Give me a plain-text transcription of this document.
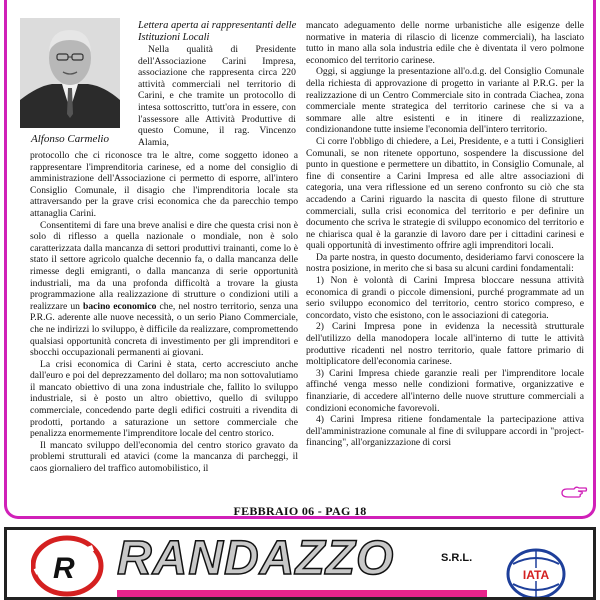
Alfonso Carmelio
Lettera aperta ai rappresentanti delle Istituzioni Locali

Nella qualità di Presidente dell'Associazione Carini Impresa, associazione che rappresenta circa 220 attività commerciali nel territorio di Carini, e che tramite un protocollo di intesa sottoscritto, tutt'ora in essere, con l'assessore alle Attività Produttive di questo Comune, il rag. Vincenzo Alamia,

protocollo che ci riconosce tra le altre, come soggetto idoneo a rappresentare l'imprenditoria carinese, ed a nome del consiglio di amministrazione dell'Associazione ci permetto di esporre, all'intero Consiglio Comunale, il disagio che l'imprenditoria locale sta attraversando per la grave crisi economica che da parecchio tempo attanaglia Carini.

Consentitemi di fare una breve analisi e dire che questa crisi non è solo di riflesso a quella nazionale o mondiale, non è solo caratterizzata dalla mancanza di settori produttivi trainanti, come lo è stato il settore agricolo qualche decennio fa, o dalla mancanza delle rimesse degli emigranti, o dalla mancanza di serie opportunità industriali, ma da una profonda difficoltà a trovare la giusta programmazione alla realizzazione di strutture o condizioni utili a realizzare un bacino economico che, nel nostro territorio, senza una P.R.G. aderente alle nuove necessità, o un serio Piano Commerciale, che ne indirizzi lo sviluppo, è difficile da realizzare, compromettendo qualsiasi opportunità concreta di investimento per gli imprenditori e sbocchi occupazionali permanenti ai giovani.

La crisi economica di Carini è stata, certo accresciuto anche dall'euro e poi del deprezzamento del dollaro; ma non sottovalutiamo il mancato obiettivo di una zona industriale che, fallito lo sviluppo industriale, si è posto un altro obiettivo, quello di sviluppo commerciale, concedendo parte degli edifici costruiti a rivendita di prodotti, portando a saturazione un settore commerciale che penalizza enormemente l'imprenditore locale del centro storico.

Il mancato sviluppo dell'economia del centro storico gravato da problemi strutturali ed atavici (come la mancanza di parcheggi, il caos giornaliero del traffico automobilistico, il

mancato adeguamento delle norme urbanistiche alle esigenze delle normative in materia di rilascio di licenze commerciali), ha lasciato tutto in mano alla sola industria edile che è diventata il vero polmone economico del territorio carinese.

Oggi, si aggiunge la presentazione all'o.d.g. del Consiglio Comunale della richiesta di approvazione di progetto in variante al P.R.G. per la realizzazione di un Centro Commerciale sito in contrada Ciachea, zona commerciale mente strategica del territorio carinese che si va a sommare alle altre esistenti e in itinere di realizzazione, condizionandone tutte insieme l'economia dell'intero territorio.

Ci corre l'obbligo di chiedere, a Lei, Presidente, e a tutti i Consiglieri Comunali, se non ritenete opportuno, sospendere la discussione del punto in questione e permettere un dibattito, in Consiglio Comunale, al fine di consentire a Carini Impresa ed alle altre associazioni di categoria, una vera riflessione ed un sereno confronto su ciò che sta accadendo a Carini riguardo la nascita di questo filone di strutture commerciali, sulla crisi economica del territorio e per definire un documento che scriva le strategie di sviluppo economico del territorio e ne chiarisca qual è la garanzie di lavoro dare per i cittadini carinesi e quali opportunità di investimento offrire agli imprenditori locali.

Da parte nostra, in questo documento, desideriamo farvi conoscere la nostra posizione, in merito che si basa su alcuni cardini fondamentali:

1) Non è volontà di Carini Impresa bloccare nessuna attività economica di grandi o piccole dimensioni, purché programmate ad un serio sviluppo economico del territorio, centro storico compreso, e concordato, visto che esistono, con le associazioni di categoria.

2) Carini Impresa pone in evidenza la necessità strutturale dell'utilizzo della manodopera locale all'interno di tutte le attività produttive ricadenti nel nostro territorio, quale fattore primario di moltiplicatore dell'economia carinese.

3) Carini Impresa chiede garanzie reali per l'imprenditore locale affinché venga messo nelle condizioni formative, organizzative e finanziarie, di accedere all'interno delle nuove strutture commerciali a condizioni economiche favorevoli.

4) Carini Impresa ritiene fondamentale la partecipazione attiva dell'amministrazione comunale al fine di sviluppare accordi in "project-financing", all'organizzazione di corsi

FEBBRAIO 06 - PAG 18
R RANDAZZO	S.R.L.
IATA
